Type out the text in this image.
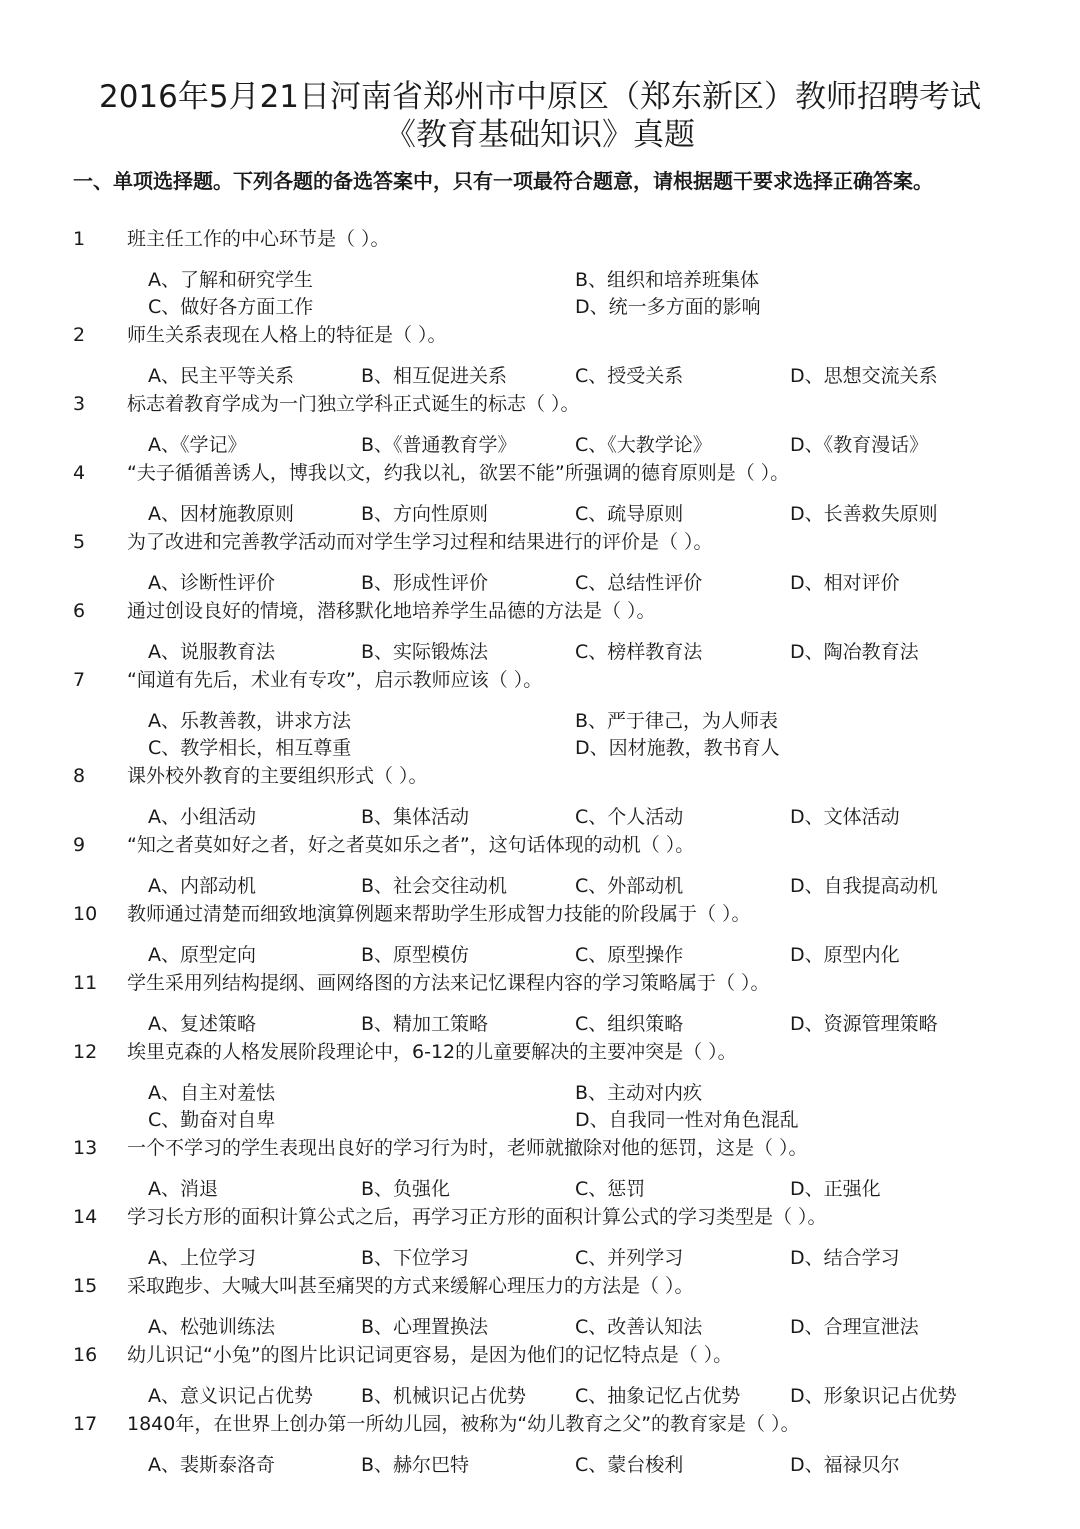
2016年5月21日河南省郑州市中原区（郑东新区）教师招聘考试
《教育基础知识》真题
一、单项选择题。下列各题的备选答案中，只有一项最符合题意，请根据题干要求选择正确答案。
1 班主任工作的中心环节是（ ）。
A、了解和研究学生	B、组织和培养班集体
C、做好各方面工作	D、统一多方面的影响
2 师生关系表现在人格上的特征是（ ）。
A、民主平等关系	B、相互促进关系	C、授受关系	D、思想交流关系
3 标志着教育学成为一门独立学科正式诞生的标志（ ）。
A、《学记》	B、《普通教育学》	C、《大教学论》	D、《教育漫话》
4 “夫子循循善诱人，博我以文，约我以礼，欲罢不能”所强调的德育原则是（ ）。
A、因材施教原则	B、方向性原则	C、疏导原则	D、长善救失原则
5 为了改进和完善教学活动而对学生学习过程和结果进行的评价是（ ）。
A、诊断性评价	B、形成性评价	C、总结性评价	D、相对评价
6 通过创设良好的情境，潜移默化地培养学生品德的方法是（ ）。
A、说服教育法	B、实际锻炼法	C、榜样教育法	D、陶冶教育法
7 “闻道有先后，术业有专攻”，启示教师应该（ ）。
A、乐教善教，讲求方法	B、严于律己，为人师表
C、教学相长，相互尊重	D、因材施教，教书育人
8 课外校外教育的主要组织形式（ ）。
A、小组活动	B、集体活动	C、个人活动	D、文体活动
9 “知之者莫如好之者，好之者莫如乐之者”，这句话体现的动机（ ）。
A、内部动机	B、社会交往动机	C、外部动机	D、自我提高动机
10 教师通过清楚而细致地演算例题来帮助学生形成智力技能的阶段属于（ ）。
A、原型定向	B、原型模仿	C、原型操作	D、原型内化
11 学生采用列结构提纲、画网络图的方法来记忆课程内容的学习策略属于（ ）。
A、复述策略	B、精加工策略	C、组织策略	D、资源管理策略
12 埃里克森的人格发展阶段理论中，6-12的儿童要解决的主要冲突是（ ）。
A、自主对羞怯	B、主动对内疚
C、勤奋对自卑	D、自我同一性对角色混乱
13 一个不学习的学生表现出良好的学习行为时，老师就撤除对他的惩罚，这是（ ）。
A、消退	B、负强化	C、惩罚	D、正强化
14 学习长方形的面积计算公式之后，再学习正方形的面积计算公式的学习类型是（ ）。
A、上位学习	B、下位学习	C、并列学习	D、结合学习
15 采取跑步、大喊大叫甚至痛哭的方式来缓解心理压力的方法是（ ）。
A、松弛训练法	B、心理置换法	C、改善认知法	D、合理宣泄法
16 幼儿识记“小兔”的图片比识记词更容易，是因为他们的记忆特点是（ ）。
A、意义识记占优势	B、机械识记占优势	C、抽象记忆占优势	D、形象识记占优势
17 1840年，在世界上创办第一所幼儿园，被称为“幼儿教育之父”的教育家是（ ）。
A、裴斯泰洛奇	B、赫尔巴特	C、蒙台梭利	D、福禄贝尔
